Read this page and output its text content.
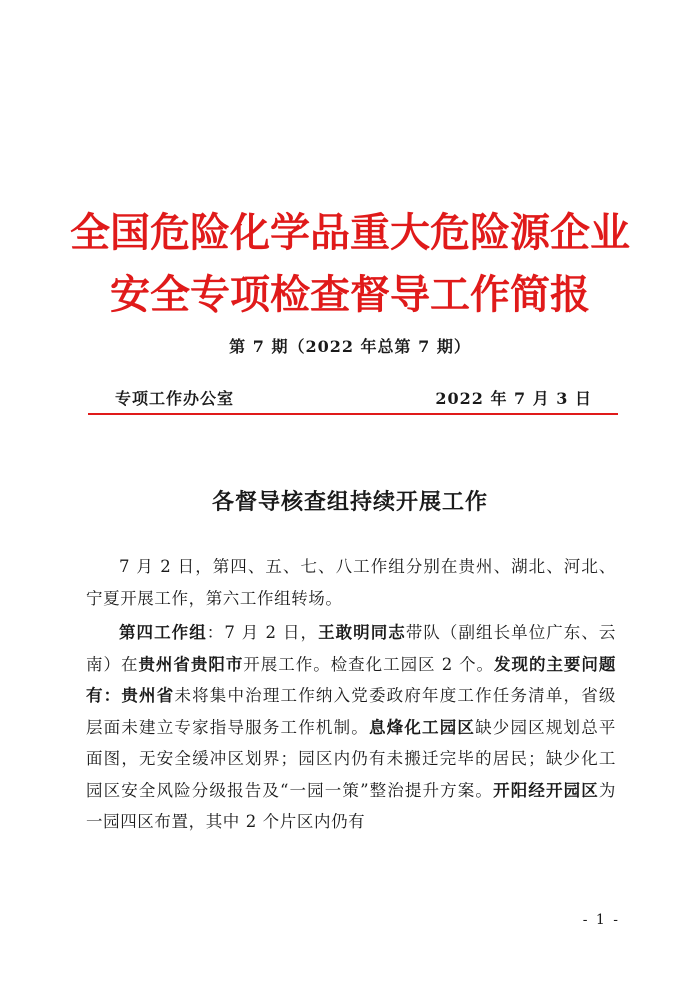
全国危险化学品重大危险源企业
安全专项检查督导工作简报
第 7 期（2022 年总第 7 期）
专项工作办公室	2022 年 7 月 3 日
各督导核查组持续开展工作

7 月 2 日，第四、五、七、八工作组分别在贵州、湖北、河北、宁夏开展工作，第六工作组转场。

第四工作组：7 月 2 日，王敢明同志带队（副组长单位广东、云南）在贵州省贵阳市开展工作。检查化工园区 2 个。发现的主要问题有：贵州省未将集中治理工作纳入党委政府年度工作任务清单，省级层面未建立专家指导服务工作机制。息烽化工园区缺少园区规划总平面图，无安全缓冲区划界；园区内仍有未搬迁完毕的居民；缺少化工园区安全风险分级报告及“一园一策”整治提升方案。开阳经开园区为一园四区布置，其中 2 个片区内仍有

- 1 -
